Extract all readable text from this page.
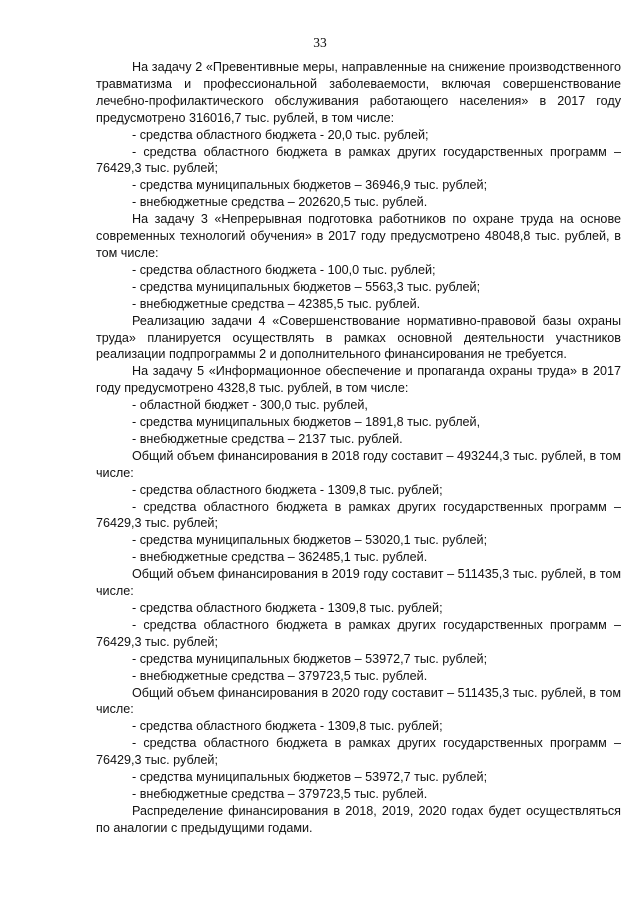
33

На задачу 2 «Превентивные меры, направленные на снижение производственного травматизма и профессиональной заболеваемости, включая совершенствование лечебно-профилактического обслуживания работающего населения» в 2017 году предусмотрено 316016,7 тыс. рублей, в том числе:

- средства областного бюджета - 20,0 тыс. рублей;

- средства областного бюджета в рамках других государственных программ – 76429,3 тыс. рублей;

- средства муниципальных бюджетов – 36946,9 тыс. рублей;

- внебюджетные средства – 202620,5 тыс. рублей.

На задачу 3 «Непрерывная подготовка работников по охране труда на основе современных технологий обучения» в 2017 году предусмотрено 48048,8 тыс. рублей, в том числе:

- средства областного бюджета - 100,0 тыс. рублей;

- средства муниципальных бюджетов – 5563,3 тыс. рублей;

- внебюджетные средства – 42385,5 тыс. рублей.

Реализацию задачи 4 «Совершенствование нормативно-правовой базы охраны труда» планируется осуществлять в рамках основной деятельности участников реализации подпрограммы 2 и дополнительного финансирования не требуется.

На задачу 5 «Информационное обеспечение и пропаганда охраны труда» в 2017 году предусмотрено 4328,8 тыс. рублей, в том числе:

- областной бюджет - 300,0 тыс. рублей,

- средства муниципальных бюджетов – 1891,8 тыс. рублей,

- внебюджетные средства – 2137 тыс. рублей.

Общий объем финансирования в 2018 году составит – 493244,3 тыс. рублей, в том числе:

- средства областного бюджета - 1309,8 тыс. рублей;

- средства областного бюджета в рамках других государственных программ – 76429,3 тыс. рублей;

- средства муниципальных бюджетов – 53020,1 тыс. рублей;

- внебюджетные средства – 362485,1 тыс. рублей.

Общий объем финансирования в 2019 году составит – 511435,3 тыс. рублей, в том числе:

- средства областного бюджета - 1309,8 тыс. рублей;

- средства областного бюджета в рамках других государственных программ – 76429,3 тыс. рублей;

- средства муниципальных бюджетов – 53972,7 тыс. рублей;

- внебюджетные средства – 379723,5 тыс. рублей.

Общий объем финансирования в 2020 году составит – 511435,3 тыс. рублей, в том числе:

- средства областного бюджета - 1309,8 тыс. рублей;

- средства областного бюджета в рамках других государственных программ – 76429,3 тыс. рублей;

- средства муниципальных бюджетов – 53972,7 тыс. рублей;

- внебюджетные средства – 379723,5 тыс. рублей.

Распределение финансирования в 2018, 2019, 2020 годах будет осуществляться по аналогии с предыдущими годами.
